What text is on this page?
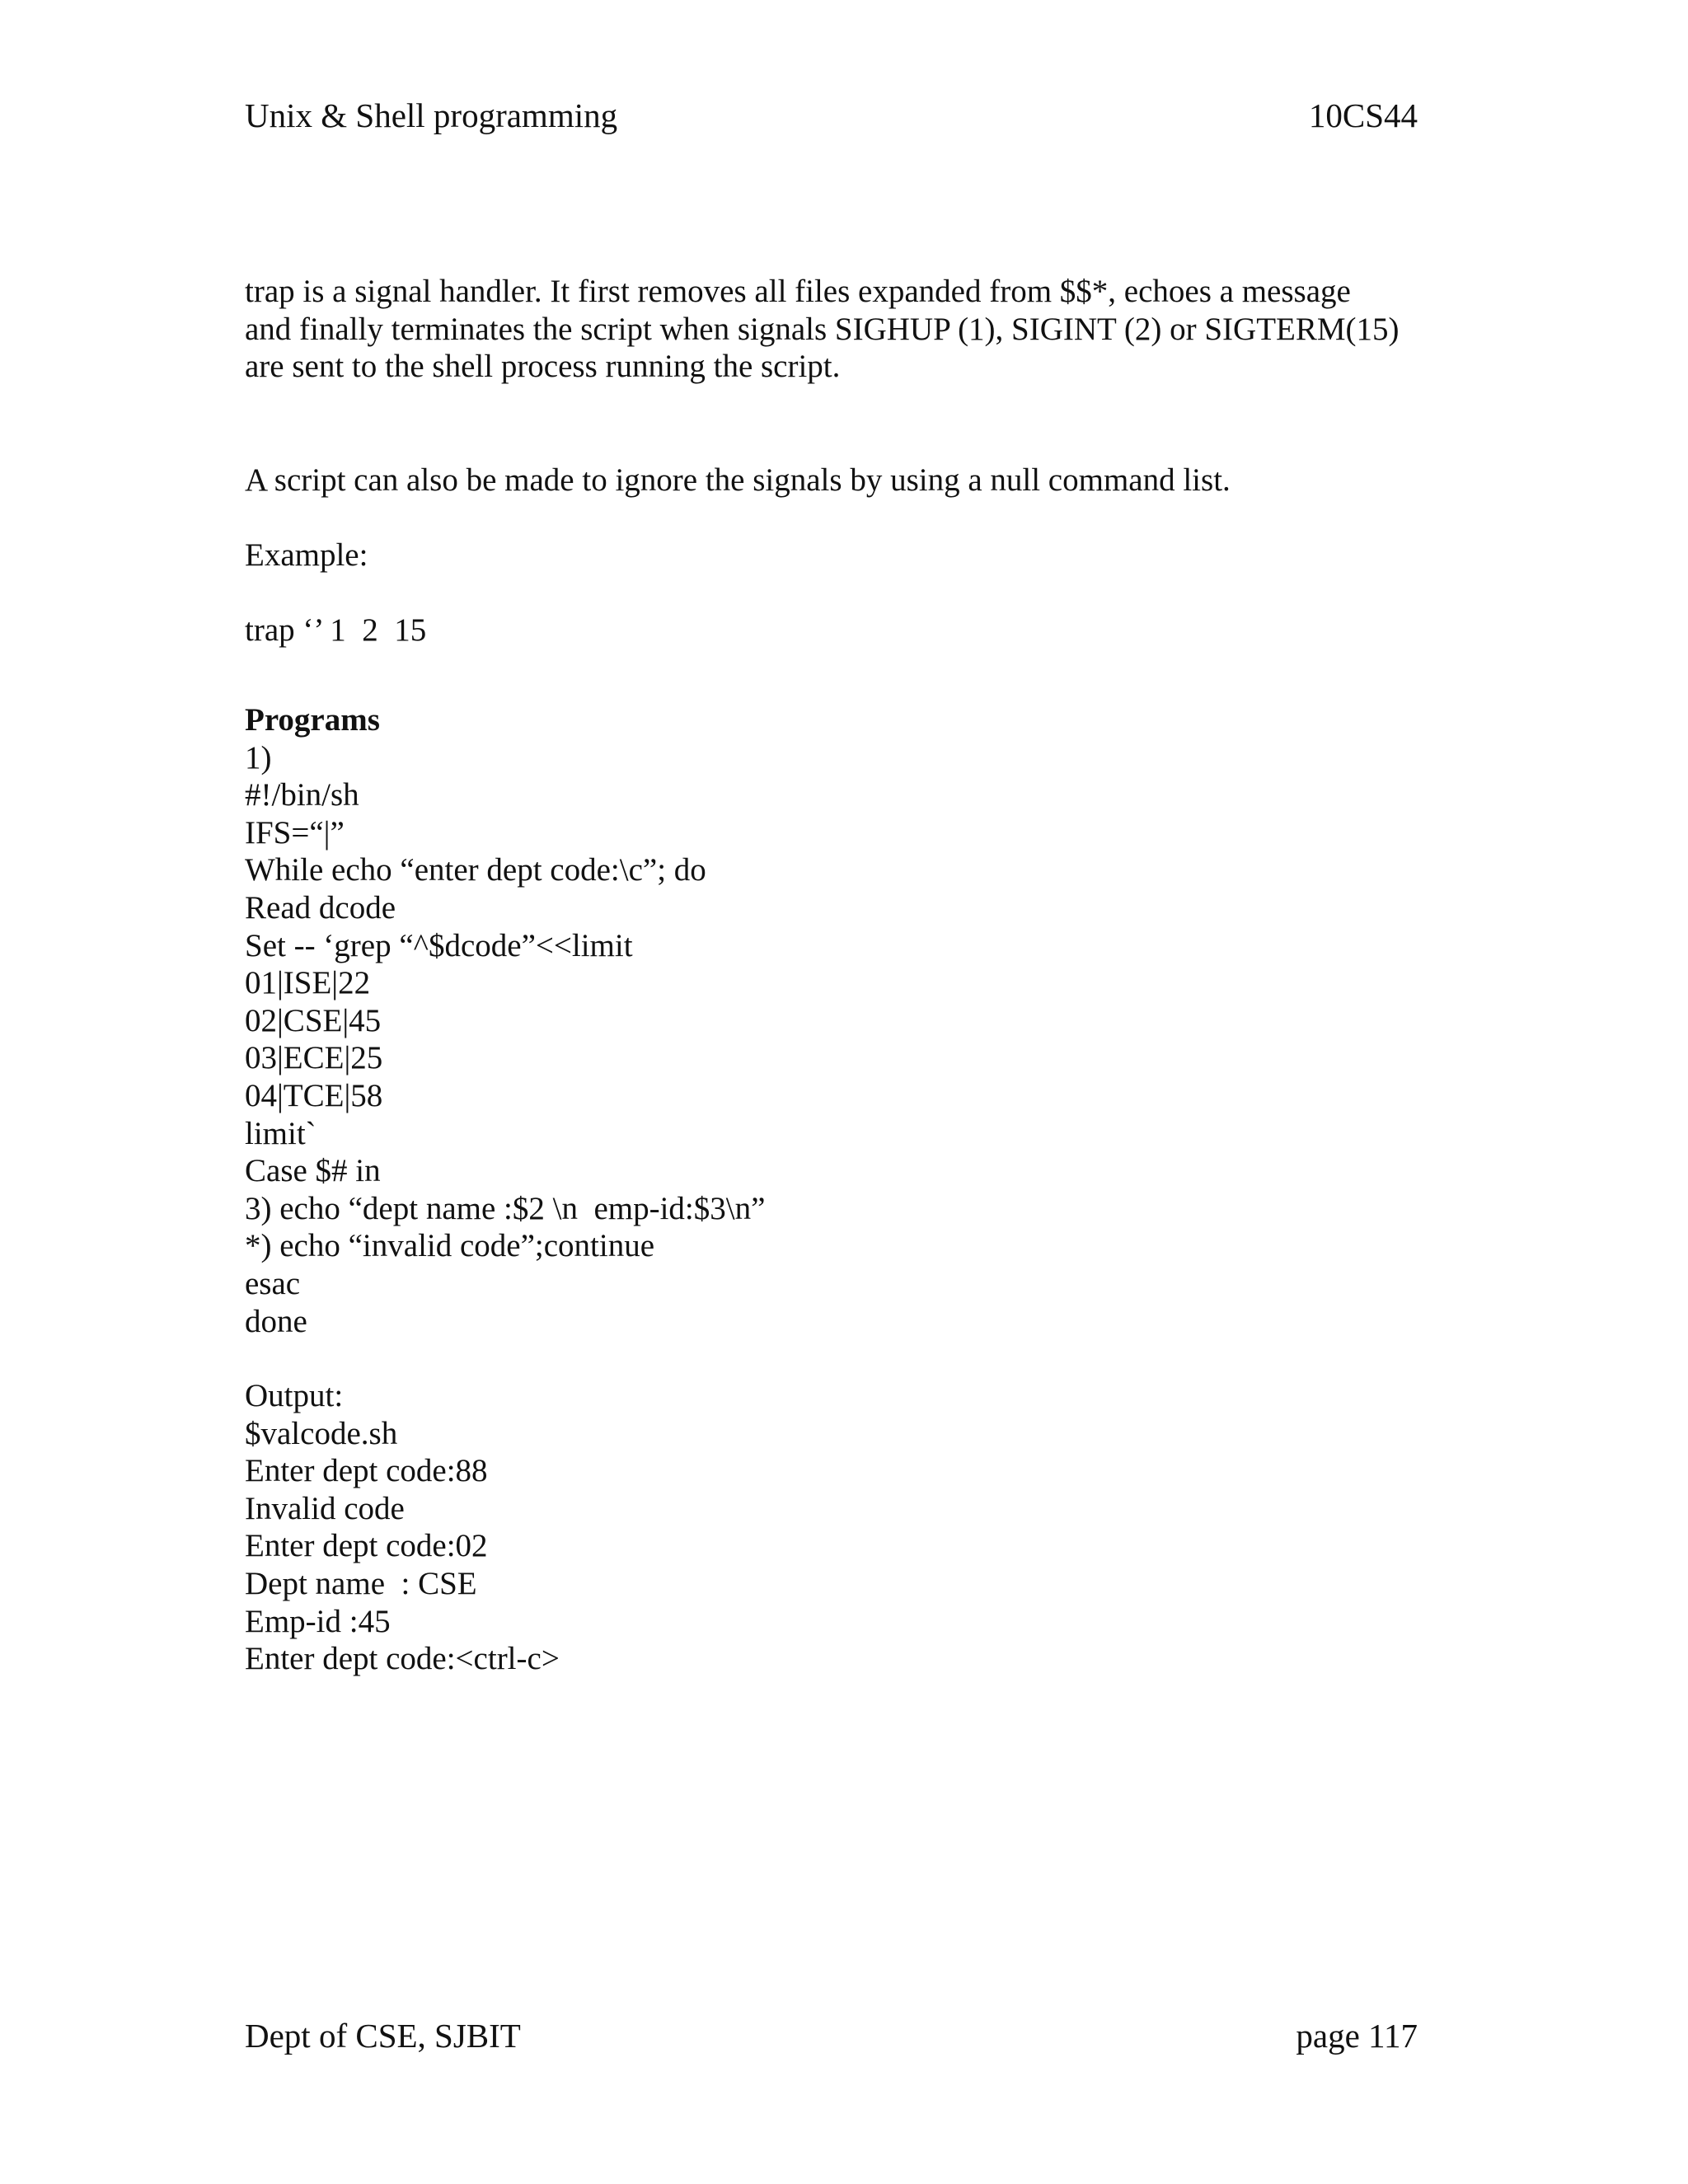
Unix & Shell programming	10CS44
trap is a signal handler. It first removes all files expanded from $$*, echoes a message
and finally terminates the script when signals SIGHUP (1), SIGINT (2) or SIGTERM(15)
are sent to the shell process running the script.
A script can also be made to ignore the signals by using a null command list.
Example:
trap ‘’ 1  2  15
Programs
1)
#!/bin/sh
IFS=“|”
While echo “enter dept code:\c”; do
Read dcode
Set -- ‘grep “^$dcode”<<limit
01|ISE|22
02|CSE|45
03|ECE|25
04|TCE|58
limit`
Case $# in
3) echo “dept name :$2 \n  emp-id:$3\n”
*) echo “invalid code”;continue
esac
done
Output:
$valcode.sh
Enter dept code:88
Invalid code
Enter dept code:02
Dept name  : CSE
Emp-id :45
Enter dept code:<ctrl-c>
Dept of CSE, SJBIT	page 117
